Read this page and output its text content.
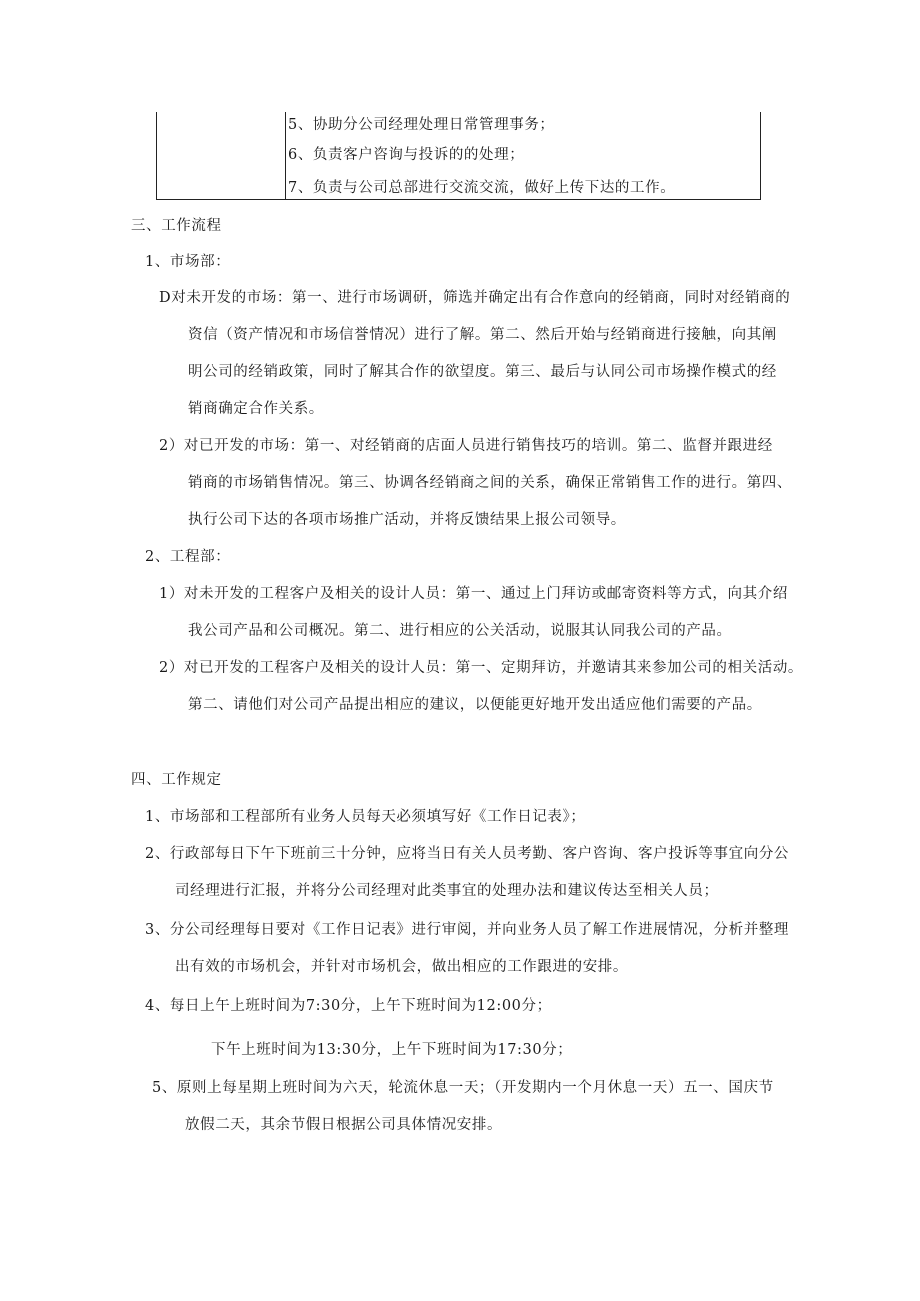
5、协助分公司经理处理日常管理事务；
6、负责客户咨询与投诉的的处理；
7、负责与公司总部进行交流交流，做好上传下达的工作。
三、工作流程
1、市场部：
D对未开发的市场：第一、进行市场调研，筛选并确定出有合作意向的经销商，同时对经销商的
资信（资产情况和市场信誉情况）进行了解。第二、然后开始与经销商进行接触，向其阐
明公司的经销政策，同时了解其合作的欲望度。第三、最后与认同公司市场操作模式的经
销商确定合作关系。
2）对已开发的市场：第一、对经销商的店面人员进行销售技巧的培训。第二、监督并跟进经
销商的市场销售情况。第三、协调各经销商之间的关系，确保正常销售工作的进行。第四、
执行公司下达的各项市场推广活动，并将反馈结果上报公司领导。
2、工程部：
1）对未开发的工程客户及相关的设计人员：第一、通过上门拜访或邮寄资料等方式，向其介绍
我公司产品和公司概况。第二、进行相应的公关活动，说服其认同我公司的产品。
2）对已开发的工程客户及相关的设计人员：第一、定期拜访，并邀请其来参加公司的相关活动。
第二、请他们对公司产品提出相应的建议，以便能更好地开发出适应他们需要的产品。
四、工作规定
1、市场部和工程部所有业务人员每天必须填写好《工作日记表》；
2、行政部每日下午下班前三十分钟，应将当日有关人员考勤、客户咨询、客户投诉等事宜向分公
司经理进行汇报，并将分公司经理对此类事宜的处理办法和建议传达至相关人员；
3、分公司经理每日要对《工作日记表》进行审阅，并向业务人员了解工作进展情况，分析并整理
出有效的市场机会，并针对市场机会，做出相应的工作跟进的安排。
4、每日上午上班时间为7:30分，上午下班时间为12:00分；
下午上班时间为13:30分，上午下班时间为17:30分；
5、原则上每星期上班时间为六天，轮流休息一天；（开发期内一个月休息一天）五一、国庆节
放假二天，其余节假日根据公司具体情况安排。
